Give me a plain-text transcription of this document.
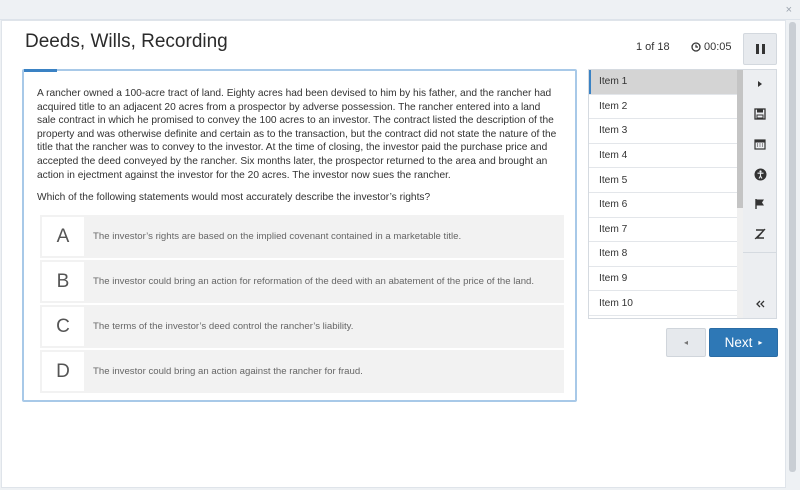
×
Deeds, Wills, Recording	1 of 18	00:05

A rancher owned a 100-acre tract of land. Eighty acres had been devised to him by his father, and the rancher had acquired title to an adjacent 20 acres from a prospector by adverse possession. The rancher entered into a land sale contract in which he promised to convey the 100 acres to an investor. The contract listed the description of the property and was otherwise definite and certain as to the transaction, but the contract did not state the nature of the title that the rancher was to convey to the investor. At the time of closing, the investor paid the purchase price and accepted the deed conveyed by the rancher. Six months later, the prospector returned to the area and brought an action in ejectment against the investor for the 20 acres. The investor now sues the rancher.

Which of the following statements would most accurately describe the investor’s rights?

A	The investor’s rights are based on the implied covenant contained in a marketable title.
B	The investor could bring an action for reformation of the deed with an abatement of the price of the land.
C	The terms of the investor’s deed control the rancher’s liability.
D	The investor could bring an action against the rancher for fraud.
Item 1
Item 2
Item 3
Item 4
Item 5
Item 6
Item 7
Item 8
Item 9
Item 10
◂	Next ▸
